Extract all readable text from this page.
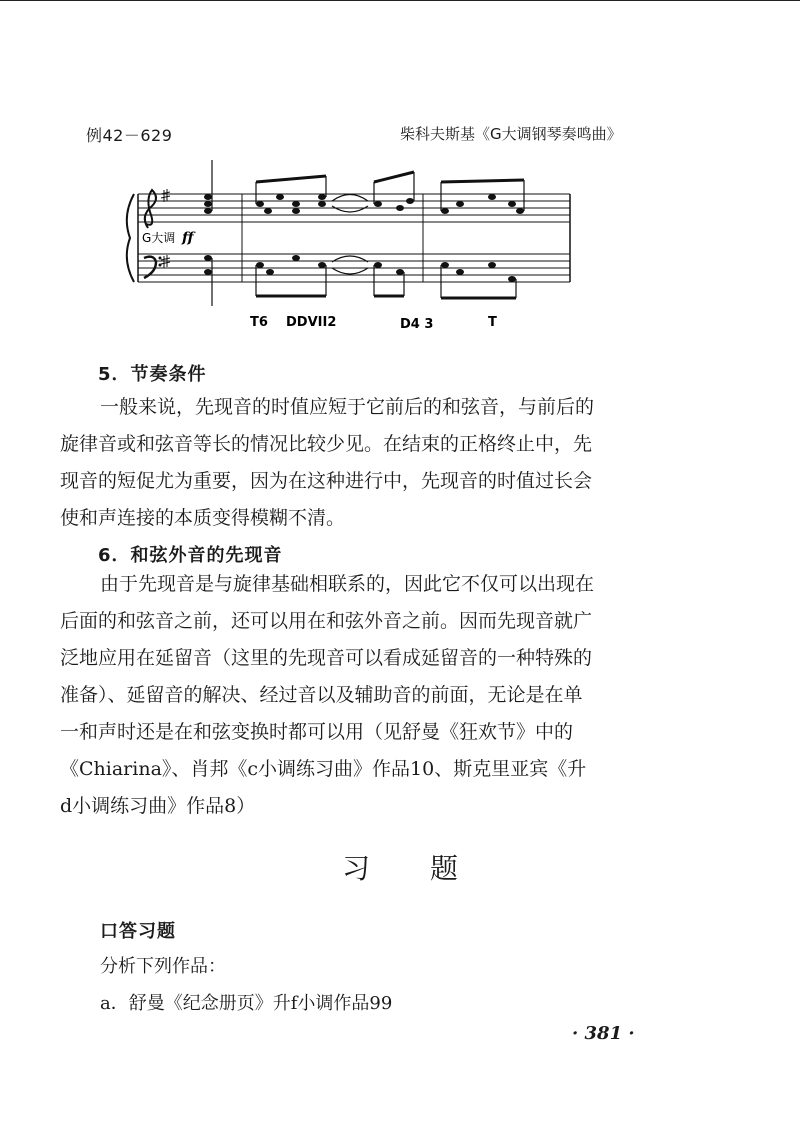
例42－629	柴科夫斯基《G大调钢琴奏鸣曲》
G大调 ff
T6 DDVII2	D4 3	T
5．节奏条件
一般来说，先现音的时值应短于它前后的和弦音，与前后的
旋律音或和弦音等长的情况比较少见。在结束的正格终止中，先
现音的短促尤为重要，因为在这种进行中，先现音的时值过长会
使和声连接的本质变得模糊不清。
6．和弦外音的先现音
由于先现音是与旋律基础相联系的，因此它不仅可以出现在
后面的和弦音之前，还可以用在和弦外音之前。因而先现音就广
泛地应用在延留音（这里的先现音可以看成延留音的一种特殊的
准备）、延留音的解决、经过音以及辅助音的前面，无论是在单
一和声时还是在和弦变换时都可以用（见舒曼《狂欢节》中的
《Chiarina》、肖邦《c小调练习曲》作品10、斯克里亚宾《升
d小调练习曲》作品8）
习题
口答习题
分析下列作品：
a．舒曼《纪念册页》升f小调作品99
· 381 ·
